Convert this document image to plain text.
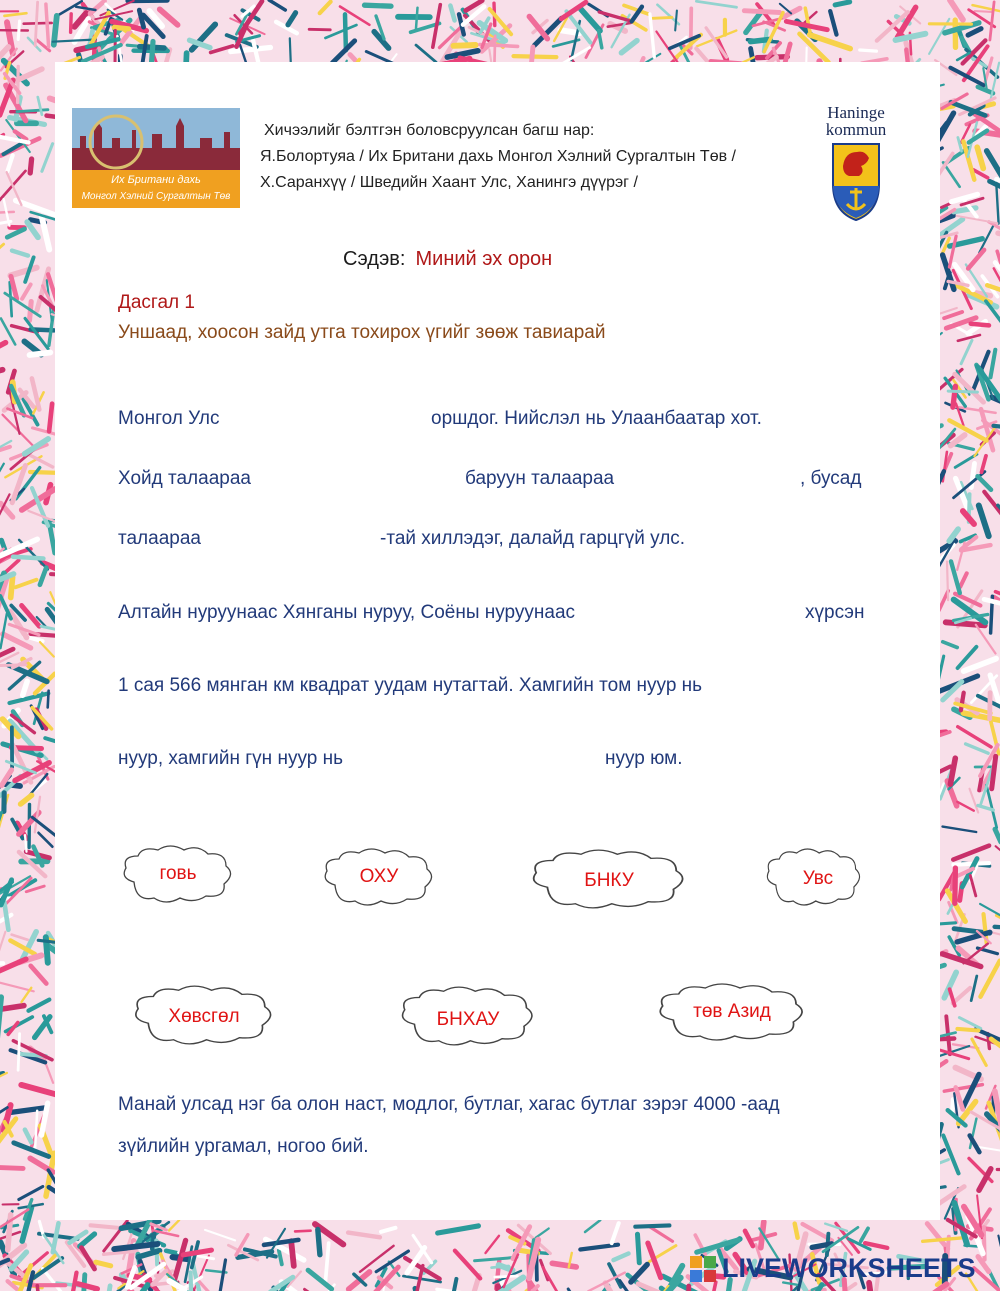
Их Британи дахь
Монгол Хэлний Сургалтын Төв
Хичээлийг бэлтгэн боловсруулсан багш нар:
Я.Болортуяа / Их Британи дахь Монгол Хэлний Сургалтын Төв /
Х.Саранхүү / Шведийн Хаант Улс, Ханингэ дүүрэг /
Haninge
kommun
Сэдэв: Миний эх орон
Дасгал 1
Уншаад, хоосон зайд утга тохирох үгийг зөөж тавиарай
Монгол Улс	оршдог. Нийслэл нь Улаанбаатар хот.
Хойд талаараа	баруун талаараа	, бусад
талаараа	-тай хиллэдэг, далайд гарцгүй улс.
Алтайн нуруунаас Хянганы нуруу, Соёны нуруунаас	хүрсэн
1 сая 566 мянган км квадрат уудам нутагтай. Хамгийн том нуур нь
нуур, хамгийн гүн нуур нь	нуур юм.
говь	ОХУ	БНКУ	Увс
Хөвсгөл	БНХАУ	төв Азид
Манай улсад нэг ба олон наст, модлог, бутлаг, хагас бутлаг зэрэг 4000 -аад
зүйлийн ургамал, ногоо бий.
LIVEWORKSHEETS
